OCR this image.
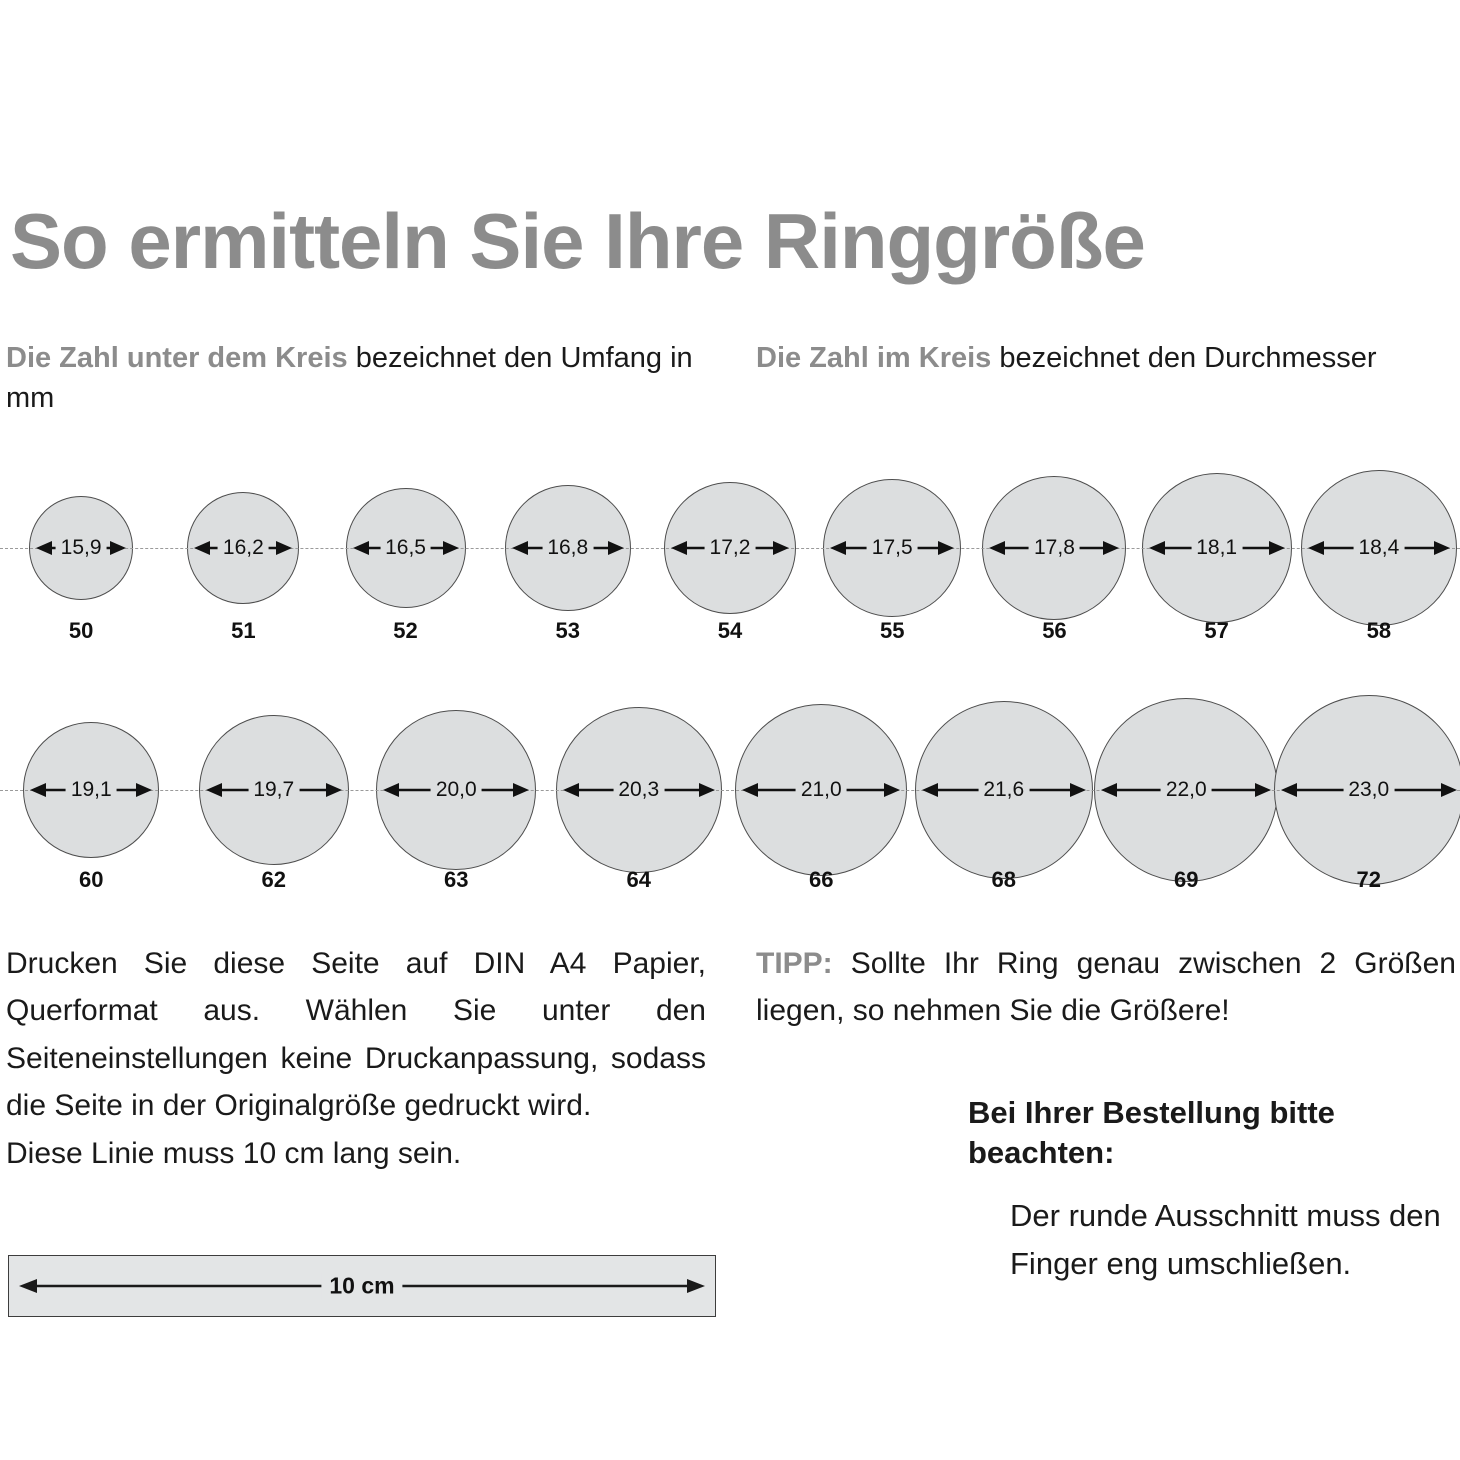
So ermitteln Sie Ihre Ringgröße
Die Zahl unter dem Kreis bezeichnet den Umfang in mm
Die Zahl im Kreis bezeichnet den Durchmesser
15,9
50
16,2
51
16,5
52
16,8
53
17,2
54
17,5
55
17,8
56
18,1
57
18,4
58
19,1
60
19,7
62
20,0
63
20,3
64
21,0
66
21,6
68
22,0
69
23,0
72
Drucken Sie diese Seite auf DIN A4 Papier, Querformat aus. Wählen Sie unter den Seiteneinstellungen keine Druckanpassung, sodass die Seite in der Originalgröße gedruckt wird.
Diese Linie muss 10 cm lang sein.
TIPP: Sollte Ihr Ring genau zwischen 2 Größen liegen, so nehmen Sie die Größere!
Bei Ihrer Bestellung bitte beachten:
Der runde Ausschnitt muss den Finger eng umschließen.
10 cm
